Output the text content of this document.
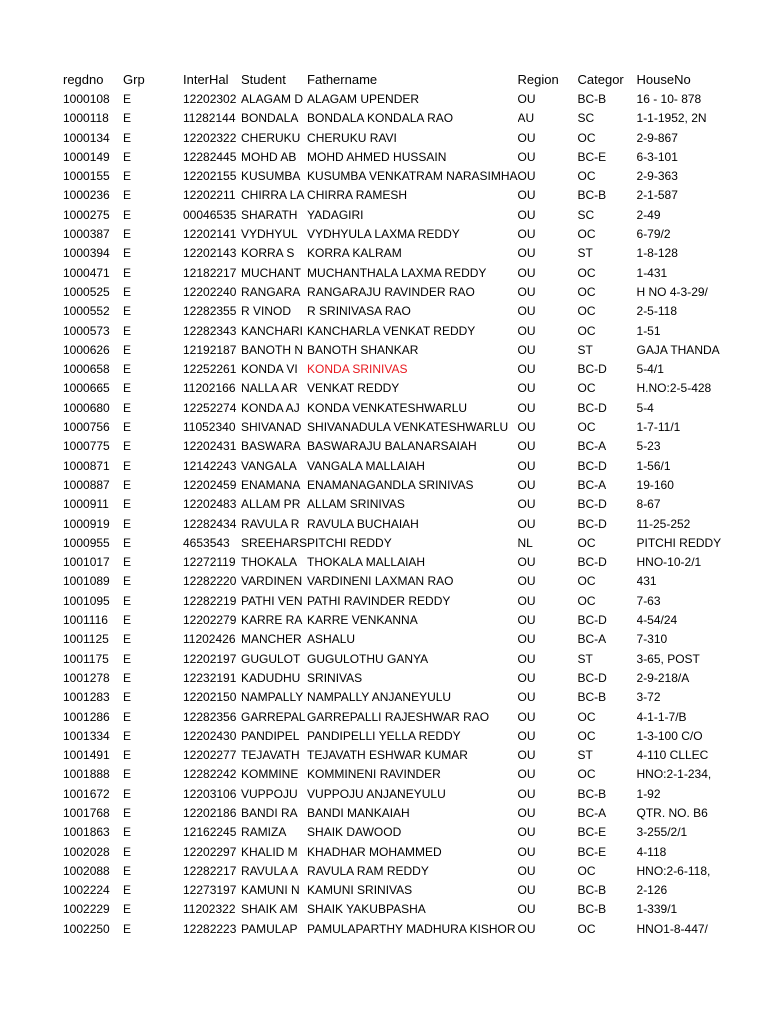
regdno	Grp	InterHal	Student	Fathername	Region	Categor	HouseNo
1000108	E	12202302	ALAGAM D	ALAGAM UPENDER	OU	BC-B	16 - 10- 878
1000118	E	11282144	BONDALA	BONDALA KONDALA RAO	AU	SC	1-1-1952, 2N
1000134	E	12202322	CHERUKU	CHERUKU RAVI	OU	OC	2-9-867
1000149	E	12282445	MOHD AB	MOHD AHMED HUSSAIN	OU	BC-E	6-3-101
1000155	E	12202155	KUSUMBA	KUSUMBA VENKATRAM NARASIMHA	OU	OC	2-9-363
1000236	E	12202211	CHIRRA LA	CHIRRA RAMESH	OU	BC-B	2-1-587
1000275	E	00046535	SHARATH	YADAGIRI	OU	SC	2-49
1000387	E	12202141	VYDHYUL	VYDHYULA LAXMA REDDY	OU	OC	6-79/2
1000394	E	12202143	KORRA S	KORRA KALRAM	OU	ST	1-8-128
1000471	E	12182217	MUCHANT	MUCHANTHALA LAXMA REDDY	OU	OC	1-431
1000525	E	12202240	RANGARA	RANGARAJU RAVINDER RAO	OU	OC	H NO 4-3-29/
1000552	E	12282355	R VINOD	R SRINIVASA RAO	OU	OC	2-5-118
1000573	E	12282343	KANCHARI	KANCHARLA VENKAT REDDY	OU	OC	1-51
1000626	E	12192187	BANOTH N	BANOTH SHANKAR	OU	ST	GAJA THANDA
1000658	E	12252261	KONDA VI	KONDA SRINIVAS	OU	BC-D	5-4/1
1000665	E	11202166	NALLA AR	VENKAT REDDY	OU	OC	H.NO:2-5-428
1000680	E	12252274	KONDA AJ	KONDA VENKATESHWARLU	OU	BC-D	5-4
1000756	E	11052340	SHIVANAD	SHIVANADULA VENKATESHWARLU	OU	OC	1-7-11/1
1000775	E	12202431	BASWARA	BASWARAJU BALANARSAIAH	OU	BC-A	5-23
1000871	E	12142243	VANGALA	VANGALA MALLAIAH	OU	BC-D	1-56/1
1000887	E	12202459	ENAMANA	ENAMANAGANDLA SRINIVAS	OU	BC-A	19-160
1000911	E	12202483	ALLAM PR	ALLAM SRINIVAS	OU	BC-D	8-67
1000919	E	12282434	RAVULA R	RAVULA BUCHAIAH	OU	BC-D	11-25-252
1000955	E	4653543	SREEHARS	PITCHI REDDY	NL	OC	PITCHI REDDY
1001017	E	12272119	THOKALA	THOKALA MALLAIAH	OU	BC-D	HNO-10-2/1
1001089	E	12282220	VARDINEN	VARDINENI LAXMAN RAO	OU	OC	431
1001095	E	12282219	PATHI VEN	PATHI RAVINDER REDDY	OU	OC	7-63
1001116	E	12202279	KARRE RA	KARRE VENKANNA	OU	BC-D	4-54/24
1001125	E	11202426	MANCHER	ASHALU	OU	BC-A	7-310
1001175	E	12202197	GUGULOT	GUGULOTHU GANYA	OU	ST	3-65, POST
1001278	E	12232191	KADUDHU	SRINIVAS	OU	BC-D	2-9-218/A
1001283	E	12202150	NAMPALLY	NAMPALLY ANJANEYULU	OU	BC-B	3-72
1001286	E	12282356	GARREPAL	GARREPALLI RAJESHWAR RAO	OU	OC	4-1-1-7/B
1001334	E	12202430	PANDIPEL	PANDIPELLI YELLA REDDY	OU	OC	1-3-100 C/O
1001491	E	12202277	TEJAVATH	TEJAVATH ESHWAR KUMAR	OU	ST	4-110 CLLEC
1001888	E	12282242	KOMMINE	KOMMINENI RAVINDER	OU	OC	HNO:2-1-234,
1001672	E	12203106	VUPPOJU	VUPPOJU ANJANEYULU	OU	BC-B	1-92
1001768	E	12202186	BANDI RA	BANDI MANKAIAH	OU	BC-A	QTR. NO. B6
1001863	E	12162245	RAMIZA	SHAIK DAWOOD	OU	BC-E	3-255/2/1
1002028	E	12202297	KHALID M	KHADHAR MOHAMMED	OU	BC-E	4-118
1002088	E	12282217	RAVULA A	RAVULA RAM REDDY	OU	OC	HNO:2-6-118,
1002224	E	12273197	KAMUNI N	KAMUNI SRINIVAS	OU	BC-B	2-126
1002229	E	11202322	SHAIK AM	SHAIK YAKUBPASHA	OU	BC-B	1-339/1
1002250	E	12282223	PAMULAP	PAMULAPARTHY MADHURA KISHOR	OU	OC	HNO1-8-447/
